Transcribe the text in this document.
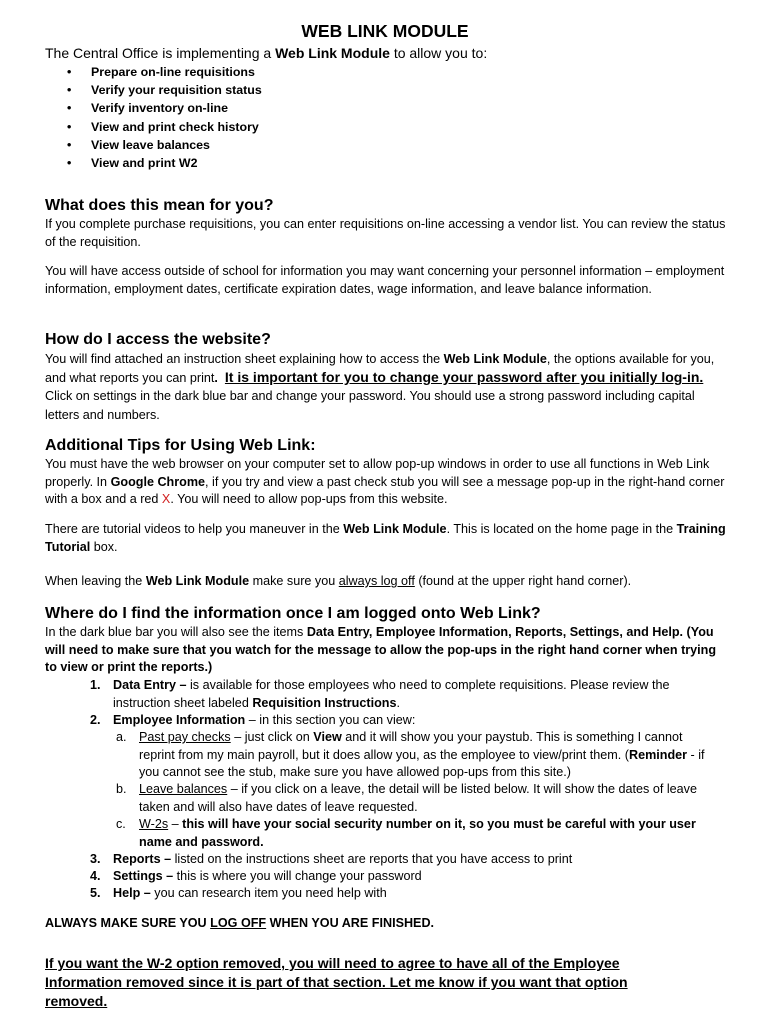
WEB LINK MODULE

The Central Office is implementing a Web Link Module to allow you to:

• Prepare on-line requisitions
• Verify your requisition status
• Verify inventory on-line
• View and print check history
• View leave balances
• View and print W2
What does this mean for you?

If you complete purchase requisitions, you can enter requisitions on-line accessing a vendor list. You can review the status of the requisition.

You will have access outside of school for information you may want concerning your personnel information – employment information, employment dates, certificate expiration dates, wage information, and leave balance information.

How do I access the website?

You will find attached an instruction sheet explaining how to access the Web Link Module, the options available for you, and what reports you can print. It is important for you to change your password after you initially log-in. Click on settings in the dark blue bar and change your password. You should use a strong password including capital letters and numbers.

Additional Tips for Using Web Link:

You must have the web browser on your computer set to allow pop-up windows in order to use all functions in Web Link properly. In Google Chrome, if you try and view a past check stub you will see a message pop-up in the right-hand corner with a box and a red X. You will need to allow pop-ups from this website.

There are tutorial videos to help you maneuver in the Web Link Module. This is located on the home page in the Training Tutorial box.

When leaving the Web Link Module make sure you always log off (found at the upper right hand corner).

Where do I find the information once I am logged onto Web Link?

In the dark blue bar you will also see the items Data Entry, Employee Information, Reports, Settings, and Help. (You will need to make sure that you watch for the message to allow the pop-ups in the right hand corner when trying to view or print the reports.)

1. Data Entry – is available for those employees who need to complete requisitions. Please review the instruction sheet labeled Requisition Instructions.

2. Employee Information – in this section you can view:

a. Past pay checks – just click on View and it will show you your paystub. This is something I cannot reprint from my main payroll, but it does allow you, as the employee to view/print them. (Reminder - if you cannot see the stub, make sure you have allowed pop-ups from this site.)

b. Leave balances – if you click on a leave, the detail will be listed below. It will show the dates of leave taken and will also have dates of leave requested.

c. W-2s – this will have your social security number on it, so you must be careful with your user name and password.

3. Reports – listed on the instructions sheet are reports that you have access to print

4. Settings – this is where you will change your password

5. Help – you can research item you need help with

ALWAYS MAKE SURE YOU LOG OFF WHEN YOU ARE FINISHED.

If you want the W-2 option removed, you will need to agree to have all of the Employee Information removed since it is part of that section. Let me know if you want that option removed.
